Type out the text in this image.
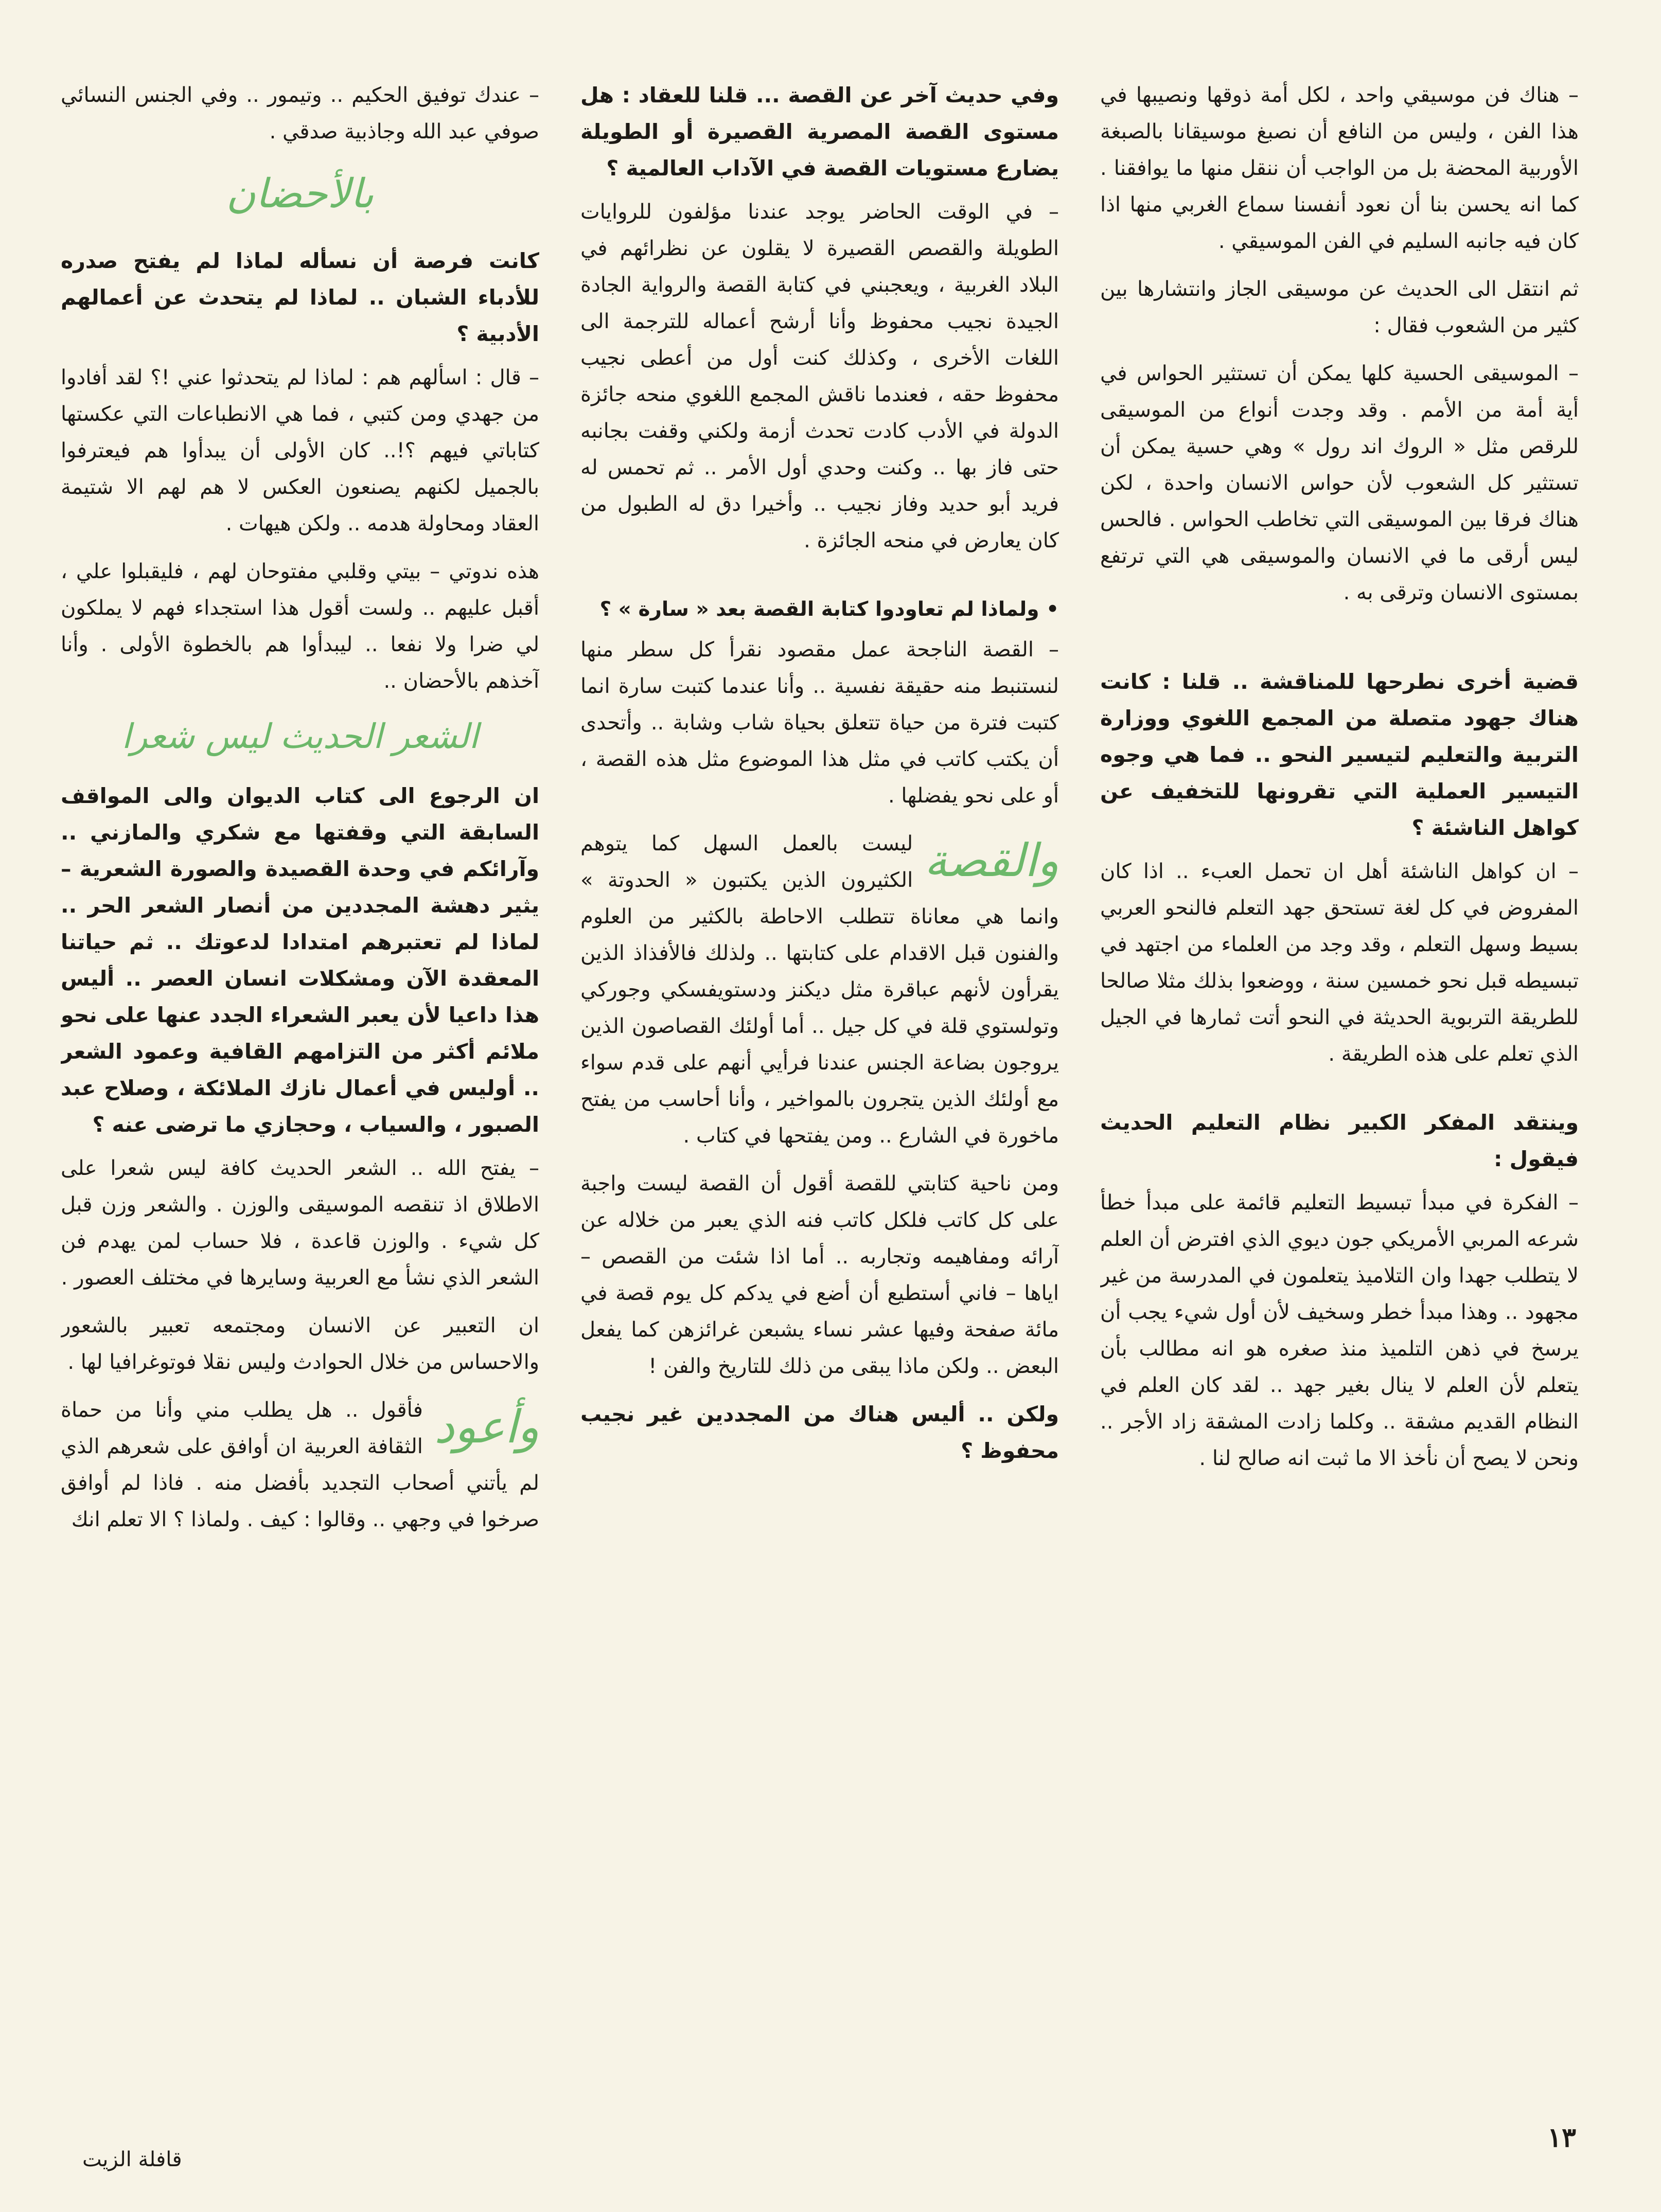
– هناك فن موسيقي واحد ، لكل أمة ذوقها ونصيبها في هذا الفن ، وليس من النافع أن نصبغ موسيقانا بالصبغة الأوربية المحضة بل من الواجب أن ننقل منها ما يوافقنا . كما انه يحسن بنا أن نعود أنفسنا سماع الغربي منها اذا كان فيه جانبه السليم في الفن الموسيقي .

ثم انتقل الى الحديث عن موسيقى الجاز وانتشارها بين كثير من الشعوب فقال :

– الموسيقى الحسية كلها يمكن أن تستثير الحواس في أية أمة من الأمم . وقد وجدت أنواع من الموسيقى للرقص مثل « الروك اند رول » وهي حسية يمكن أن تستثير كل الشعوب لأن حواس الانسان واحدة ، لكن هناك فرقا بين الموسيقى التي تخاطب الحواس . فالحس ليس أرقى ما في الانسان والموسيقى هي التي ترتفع بمستوى الانسان وترقى به .

قضية أخرى نطرحها للمناقشة .. قلنا : كانت هناك جهود متصلة من المجمع اللغوي ووزارة التربية والتعليم لتيسير النحو .. فما هي وجوه التيسير العملية التي تقرونها للتخفيف عن كواهل الناشئة ؟

– ان كواهل الناشئة أهل ان تحمل العبء .. اذا كان المفروض في كل لغة تستحق جهد التعلم فالنحو العربي بسيط وسهل التعلم ، وقد وجد من العلماء من اجتهد في تبسيطه قبل نحو خمسين سنة ، ووضعوا بذلك مثلا صالحا للطريقة التربوية الحديثة في النحو أتت ثمارها في الجيل الذي تعلم على هذه الطريقة .

وينتقد المفكر الكبير نظام التعليم الحديث فيقول :

– الفكرة في مبدأ تبسيط التعليم قائمة على مبدأ خطأ شرعه المربي الأمريكي جون ديوي الذي افترض أن العلم لا يتطلب جهدا وان التلاميذ يتعلمون في المدرسة من غير مجهود .. وهذا مبدأ خطر وسخيف لأن أول شيء يجب أن يرسخ في ذهن التلميذ منذ صغره هو انه مطالب بأن يتعلم لأن العلم لا ينال بغير جهد .. لقد كان العلم في النظام القديم مشقة .. وكلما زادت المشقة زاد الأجر .. ونحن لا يصح أن نأخذ الا ما ثبت انه صالح لنا .

وفي حديث آخر عن القصة ... قلنا للعقاد : هل مستوى القصة المصرية القصيرة أو الطويلة يضارع مستويات القصة في الآداب العالمية ؟

– في الوقت الحاضر يوجد عندنا مؤلفون للروايات الطويلة والقصص القصيرة لا يقلون عن نظرائهم في البلاد الغربية ، ويعجبني في كتابة القصة والرواية الجادة الجيدة نجيب محفوظ وأنا أرشح أعماله للترجمة الى اللغات الأخرى ، وكذلك كنت أول من أعطى نجيب محفوظ حقه ، فعندما ناقش المجمع اللغوي منحه جائزة الدولة في الأدب كادت تحدث أزمة ولكني وقفت بجانبه حتى فاز بها .. وكنت وحدي أول الأمر .. ثم تحمس له فريد أبو حديد وفاز نجيب .. وأخيرا دق له الطبول من كان يعارض في منحه الجائزة .

• ولماذا لم تعاودوا كتابة القصة بعد « سارة » ؟

– القصة الناجحة عمل مقصود نقرأ كل سطر منها لنستنبط منه حقيقة نفسية .. وأنا عندما كتبت سارة انما كتبت فترة من حياة تتعلق بحياة شاب وشابة .. وأتحدى أن يكتب كاتب في مثل هذا الموضوع مثل هذه القصة ، أو على نحو يفضلها .

والقصة
ليست بالعمل السهل كما يتوهم الكثيرون الذين يكتبون « الحدوتة » وانما هي معاناة تتطلب الاحاطة بالكثير من العلوم والفنون قبل الاقدام على كتابتها .. ولذلك فالأفذاذ الذين يقرأون لأنهم عباقرة مثل ديكنز ودستويفسكي وجوركي وتولستوي قلة في كل جيل .. أما أولئك القصاصون الذين يروجون بضاعة الجنس عندنا فرأيي أنهم على قدم سواء مع أولئك الذين يتجرون بالمواخير ، وأنا أحاسب من يفتح ماخورة في الشارع .. ومن يفتحها في كتاب .

ومن ناحية كتابتي للقصة أقول أن القصة ليست واجبة على كل كاتب فلكل كاتب فنه الذي يعبر من خلاله عن آرائه ومفاهيمه وتجاربه .. أما اذا شئت من القصص – اياها – فاني أستطيع أن أضع في يدكم كل يوم قصة في مائة صفحة وفيها عشر نساء يشبعن غرائزهن كما يفعل البعض .. ولكن ماذا يبقى من ذلك للتاريخ والفن !

ولكن .. أليس هناك من المجددين غير نجيب محفوظ ؟

– عندك توفيق الحكيم .. وتيمور .. وفي الجنس النسائي صوفي عبد الله وجاذبية صدقي .

بالأحضان

كانت فرصة أن نسأله لماذا لم يفتح صدره للأدباء الشبان .. لماذا لم يتحدث عن أعمالهم الأدبية ؟

– قال : اسألهم هم : لماذا لم يتحدثوا عني !؟ لقد أفادوا من جهدي ومن كتبي ، فما هي الانطباعات التي عكستها كتاباتي فيهم ؟!.. كان الأولى أن يبدأوا هم فيعترفوا بالجميل لكنهم يصنعون العكس لا هم لهم الا شتيمة العقاد ومحاولة هدمه .. ولكن هيهات .

هذه ندوتي – بيتي وقلبي مفتوحان لهم ، فليقبلوا علي ، أقبل عليهم .. ولست أقول هذا استجداء فهم لا يملكون لي ضرا ولا نفعا .. ليبدأوا هم بالخطوة الأولى . وأنا آخذهم بالأحضان ..

الشعر الحديث ليس شعرا

ان الرجوع الى كتاب الديوان والى المواقف السابقة التي وقفتها مع شكري والمازني .. وآرائكم في وحدة القصيدة والصورة الشعرية – يثير دهشة المجددين من أنصار الشعر الحر .. لماذا لم تعتبرهم امتدادا لدعوتك .. ثم حياتنا المعقدة الآن ومشكلات انسان العصر .. أليس هذا داعيا لأن يعبر الشعراء الجدد عنها على نحو ملائم أكثر من التزامهم القافية وعمود الشعر .. أوليس في أعمال نازك الملائكة ، وصلاح عبد الصبور ، والسياب ، وحجازي ما ترضى عنه ؟

– يفتح الله .. الشعر الحديث كافة ليس شعرا على الاطلاق اذ تنقصه الموسيقى والوزن . والشعر وزن قبل كل شيء . والوزن قاعدة ، فلا حساب لمن يهدم فن الشعر الذي نشأ مع العربية وسايرها في مختلف العصور .

ان التعبير عن الانسان ومجتمعه تعبير بالشعور والاحساس من خلال الحوادث وليس نقلا فوتوغرافيا لها .

وأعود
فأقول .. هل يطلب مني وأنا من حماة الثقافة العربية ان أوافق على شعرهم الذي لم يأتني أصحاب التجديد بأفضل منه . فاذا لم أوافق صرخوا في وجهي .. وقالوا : كيف . ولماذا ؟ الا تعلم انك

١٣
قافلة الزيت
